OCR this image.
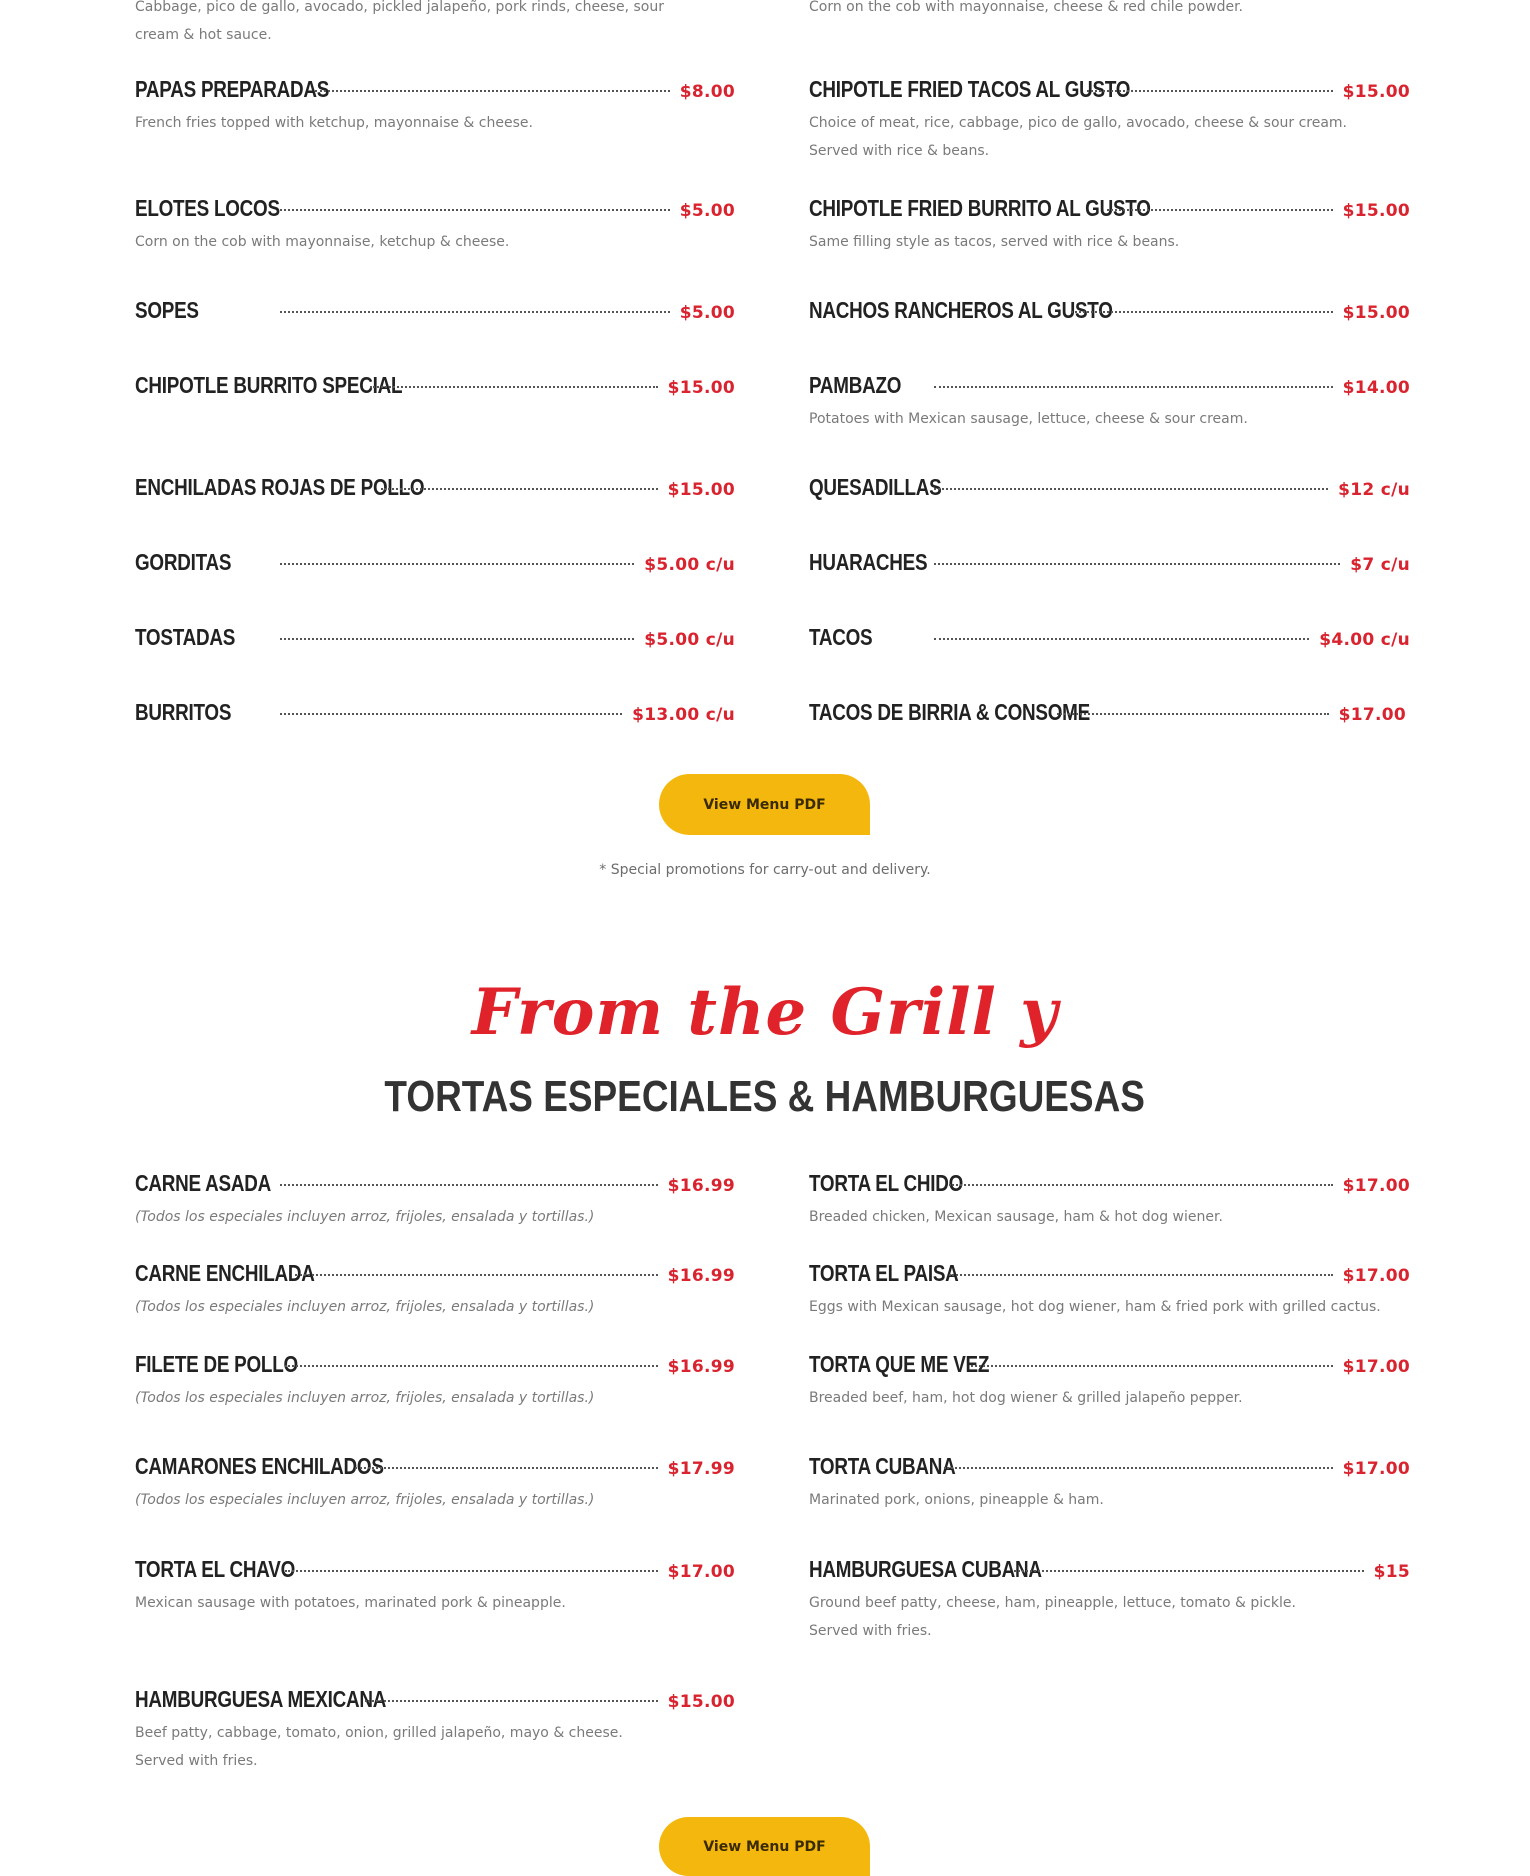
Cabbage, pico de gallo, avocado, pickled jalapeño, pork rinds, cheese, sour cream & hot sauce.
Corn on the cob with mayonnaise, cheese & red chile powder.
PAPAS PREPARADAS	$8.00
French fries topped with ketchup, mayonnaise & cheese.
ELOTES LOCOS	$5.00
Corn on the cob with mayonnaise, ketchup & cheese.
SOPES	$5.00
CHIPOTLE BURRITO SPECIAL	$15.00
ENCHILADAS ROJAS DE POLLO	$15.00
GORDITAS	$5.00 c/u
TOSTADAS	$5.00 c/u
BURRITOS	$13.00 c/u
CHIPOTLE FRIED TACOS AL GUSTO	$15.00
Choice of meat, rice, cabbage, pico de gallo, avocado, cheese & sour cream. Served with rice & beans.
CHIPOTLE FRIED BURRITO AL GUSTO	$15.00
Same filling style as tacos, served with rice & beans.
NACHOS RANCHEROS AL GUSTO	$15.00
PAMBAZO	$14.00
Potatoes with Mexican sausage, lettuce, cheese & sour cream.
QUESADILLAS	$12 c/u
HUARACHES	$7 c/u
TACOS	$4.00 c/u
TACOS DE BIRRIA & CONSOME	$17.00
View Menu PDF
* Special promotions for carry-out and delivery.
From the Grill y
TORTAS ESPECIALES & HAMBURGUESAS
CARNE ASADA	$16.99
(Todos los especiales incluyen arroz, frijoles, ensalada y tortillas.)
CARNE ENCHILADA	$16.99
(Todos los especiales incluyen arroz, frijoles, ensalada y tortillas.)
FILETE DE POLLO	$16.99
(Todos los especiales incluyen arroz, frijoles, ensalada y tortillas.)
CAMARONES ENCHILADOS	$17.99
(Todos los especiales incluyen arroz, frijoles, ensalada y tortillas.)
TORTA EL CHAVO	$17.00
Mexican sausage with potatoes, marinated pork & pineapple.
HAMBURGUESA MEXICANA	$15.00
Beef patty, cabbage, tomato, onion, grilled jalapeño, mayo & cheese. Served with fries.
TORTA EL CHIDO	$17.00
Breaded chicken, Mexican sausage, ham & hot dog wiener.
TORTA EL PAISA	$17.00
Eggs with Mexican sausage, hot dog wiener, ham & fried pork with grilled cactus.
TORTA QUE ME VEZ	$17.00
Breaded beef, ham, hot dog wiener & grilled jalapeño pepper.
TORTA CUBANA	$17.00
Marinated pork, onions, pineapple & ham.
HAMBURGUESA CUBANA	$15
Ground beef patty, cheese, ham, pineapple, lettuce, tomato & pickle. Served with fries.
View Menu PDF
